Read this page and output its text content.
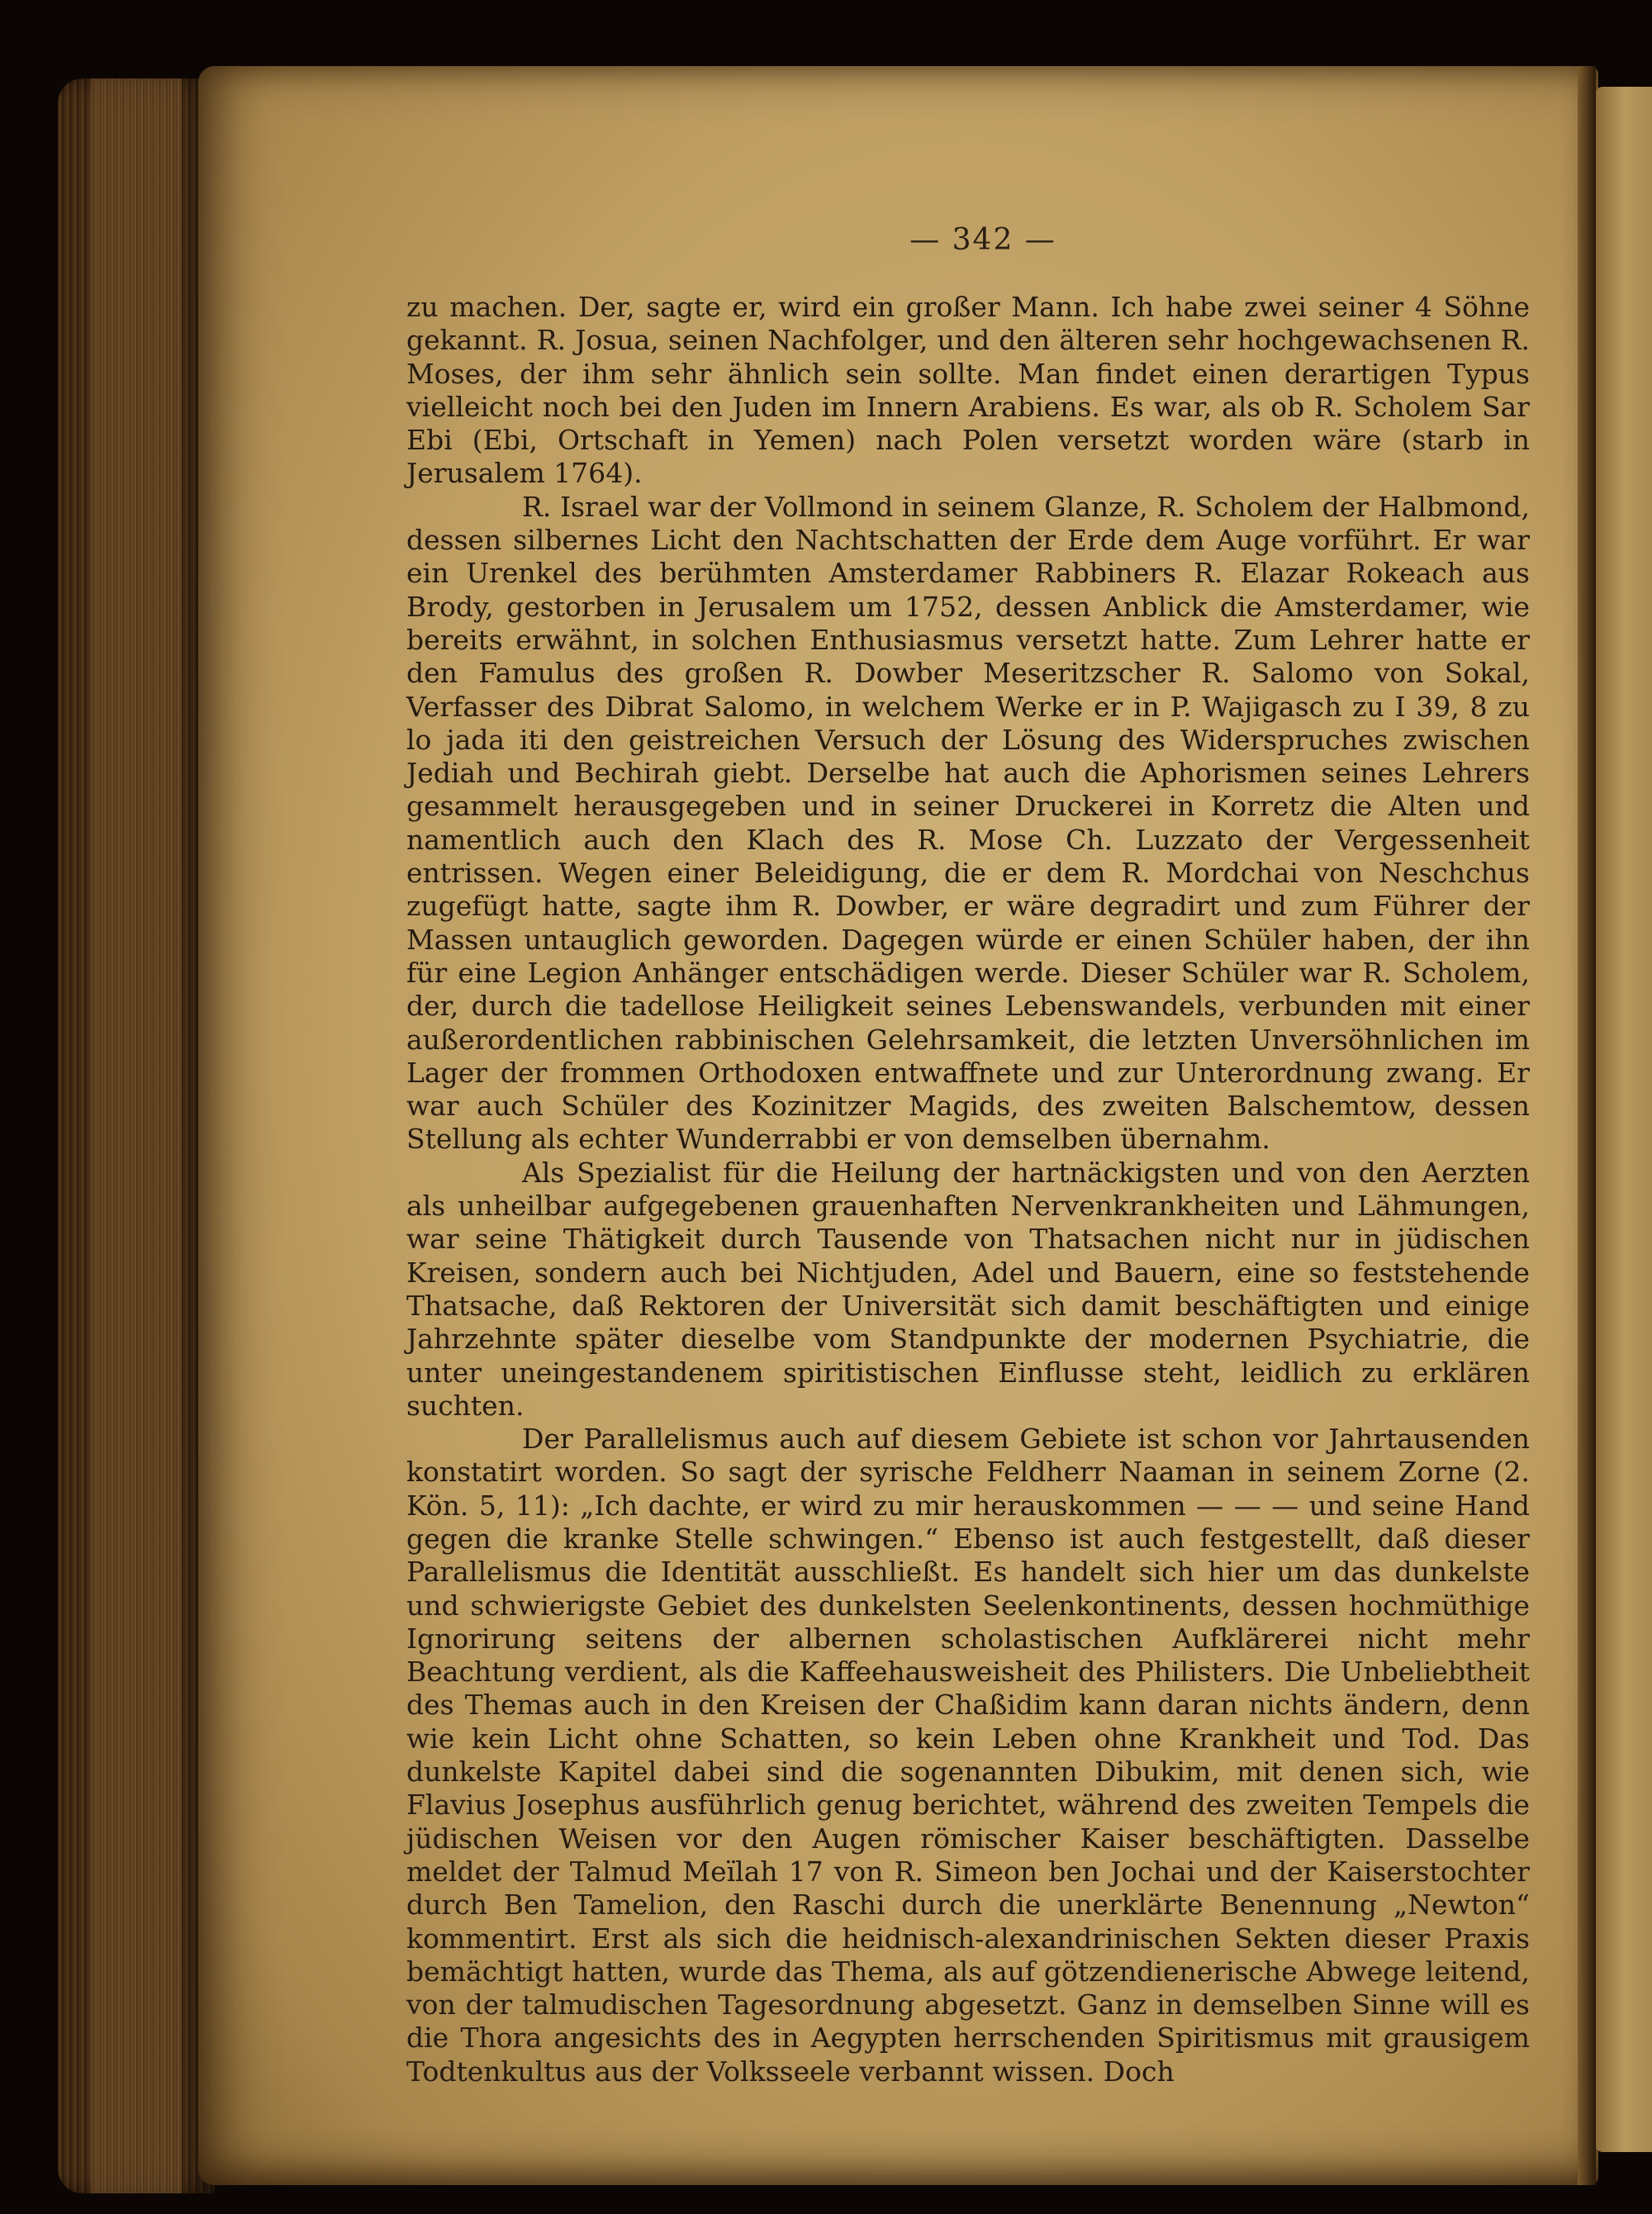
— 342 —

zu machen. Der, sagte er, wird ein großer Mann. Ich habe zwei seiner 4 Söhne gekannt. R. Josua, seinen Nachfolger, und den älteren sehr hochgewachsenen R. Moses, der ihm sehr ähnlich sein sollte. Man findet einen derartigen Typus vielleicht noch bei den Juden im Innern Arabiens. Es war, als ob R. Scholem Sar Ebi (Ebi, Ortschaft in Yemen) nach Polen versetzt worden wäre (starb in Jerusalem 1764).

R. Israel war der Vollmond in seinem Glanze, R. Scholem der Halbmond, dessen silbernes Licht den Nachtschatten der Erde dem Auge vorführt. Er war ein Urenkel des berühmten Amsterdamer Rabbiners R. Elazar Rokeach aus Brody, gestorben in Jerusalem um 1752, dessen Anblick die Amsterdamer, wie bereits erwähnt, in solchen Enthusiasmus versetzt hatte. Zum Lehrer hatte er den Famulus des großen R. Dowber Meseritzscher R. Salomo von Sokal, Verfasser des Dibrat Salomo, in welchem Werke er in P. Wajigasch zu I 39, 8 zu lo jada iti den geistreichen Versuch der Lösung des Widerspruches zwischen Jediah und Bechirah giebt. Derselbe hat auch die Aphorismen seines Lehrers gesammelt herausgegeben und in seiner Druckerei in Korretz die Alten und namentlich auch den Klach des R. Mose Ch. Luzzato der Vergessenheit entrissen. Wegen einer Beleidigung, die er dem R. Mordchai von Neschchus zugefügt hatte, sagte ihm R. Dowber, er wäre degradirt und zum Führer der Massen untauglich geworden. Dagegen würde er einen Schüler haben, der ihn für eine Legion Anhänger entschädigen werde. Dieser Schüler war R. Scholem, der, durch die tadellose Heiligkeit seines Lebenswandels, verbunden mit einer außerordentlichen rabbinischen Gelehrsamkeit, die letzten Unversöhnlichen im Lager der frommen Orthodoxen entwaffnete und zur Unterordnung zwang. Er war auch Schüler des Kozinitzer Magids, des zweiten Balschemtow, dessen Stellung als echter Wunderrabbi er von demselben übernahm.

Als Spezialist für die Heilung der hartnäckigsten und von den Aerzten als unheilbar aufgegebenen grauenhaften Nervenkrankheiten und Lähmungen, war seine Thätigkeit durch Tausende von Thatsachen nicht nur in jüdischen Kreisen, sondern auch bei Nichtjuden, Adel und Bauern, eine so feststehende Thatsache, daß Rektoren der Universität sich damit beschäftigten und einige Jahrzehnte später dieselbe vom Standpunkte der modernen Psychiatrie, die unter uneingestandenem spiritistischen Einflusse steht, leidlich zu erklären suchten.

Der Parallelismus auch auf diesem Gebiete ist schon vor Jahrtausenden konstatirt worden. So sagt der syrische Feldherr Naaman in seinem Zorne (2. Kön. 5, 11): „Ich dachte, er wird zu mir herauskommen — — — und seine Hand gegen die kranke Stelle schwingen.“ Ebenso ist auch festgestellt, daß dieser Parallelismus die Identität ausschließt. Es handelt sich hier um das dunkelste und schwierigste Gebiet des dunkelsten Seelenkontinents, dessen hochmüthige Ignorirung seitens der albernen scholastischen Aufklärerei nicht mehr Beachtung verdient, als die Kaffeehausweisheit des Philisters. Die Unbeliebtheit des Themas auch in den Kreisen der Chaßidim kann daran nichts ändern, denn wie kein Licht ohne Schatten, so kein Leben ohne Krankheit und Tod. Das dunkelste Kapitel dabei sind die sogenannten Dibukim, mit denen sich, wie Flavius Josephus ausführlich genug berichtet, während des zweiten Tempels die jüdischen Weisen vor den Augen römischer Kaiser beschäftigten. Dasselbe meldet der Talmud Meïlah 17 von R. Simeon ben Jochai und der Kaiserstochter durch Ben Tamelion, den Raschi durch die unerklärte Benennung „Newton“ kommentirt. Erst als sich die heidnisch-alexandrinischen Sekten dieser Praxis bemächtigt hatten, wurde das Thema, als auf götzendienerische Abwege leitend, von der talmudischen Tagesordnung abgesetzt. Ganz in demselben Sinne will es die Thora angesichts des in Aegypten herrschenden Spiritismus mit grausigem Todtenkultus aus der Volksseele verbannt wissen. Doch
